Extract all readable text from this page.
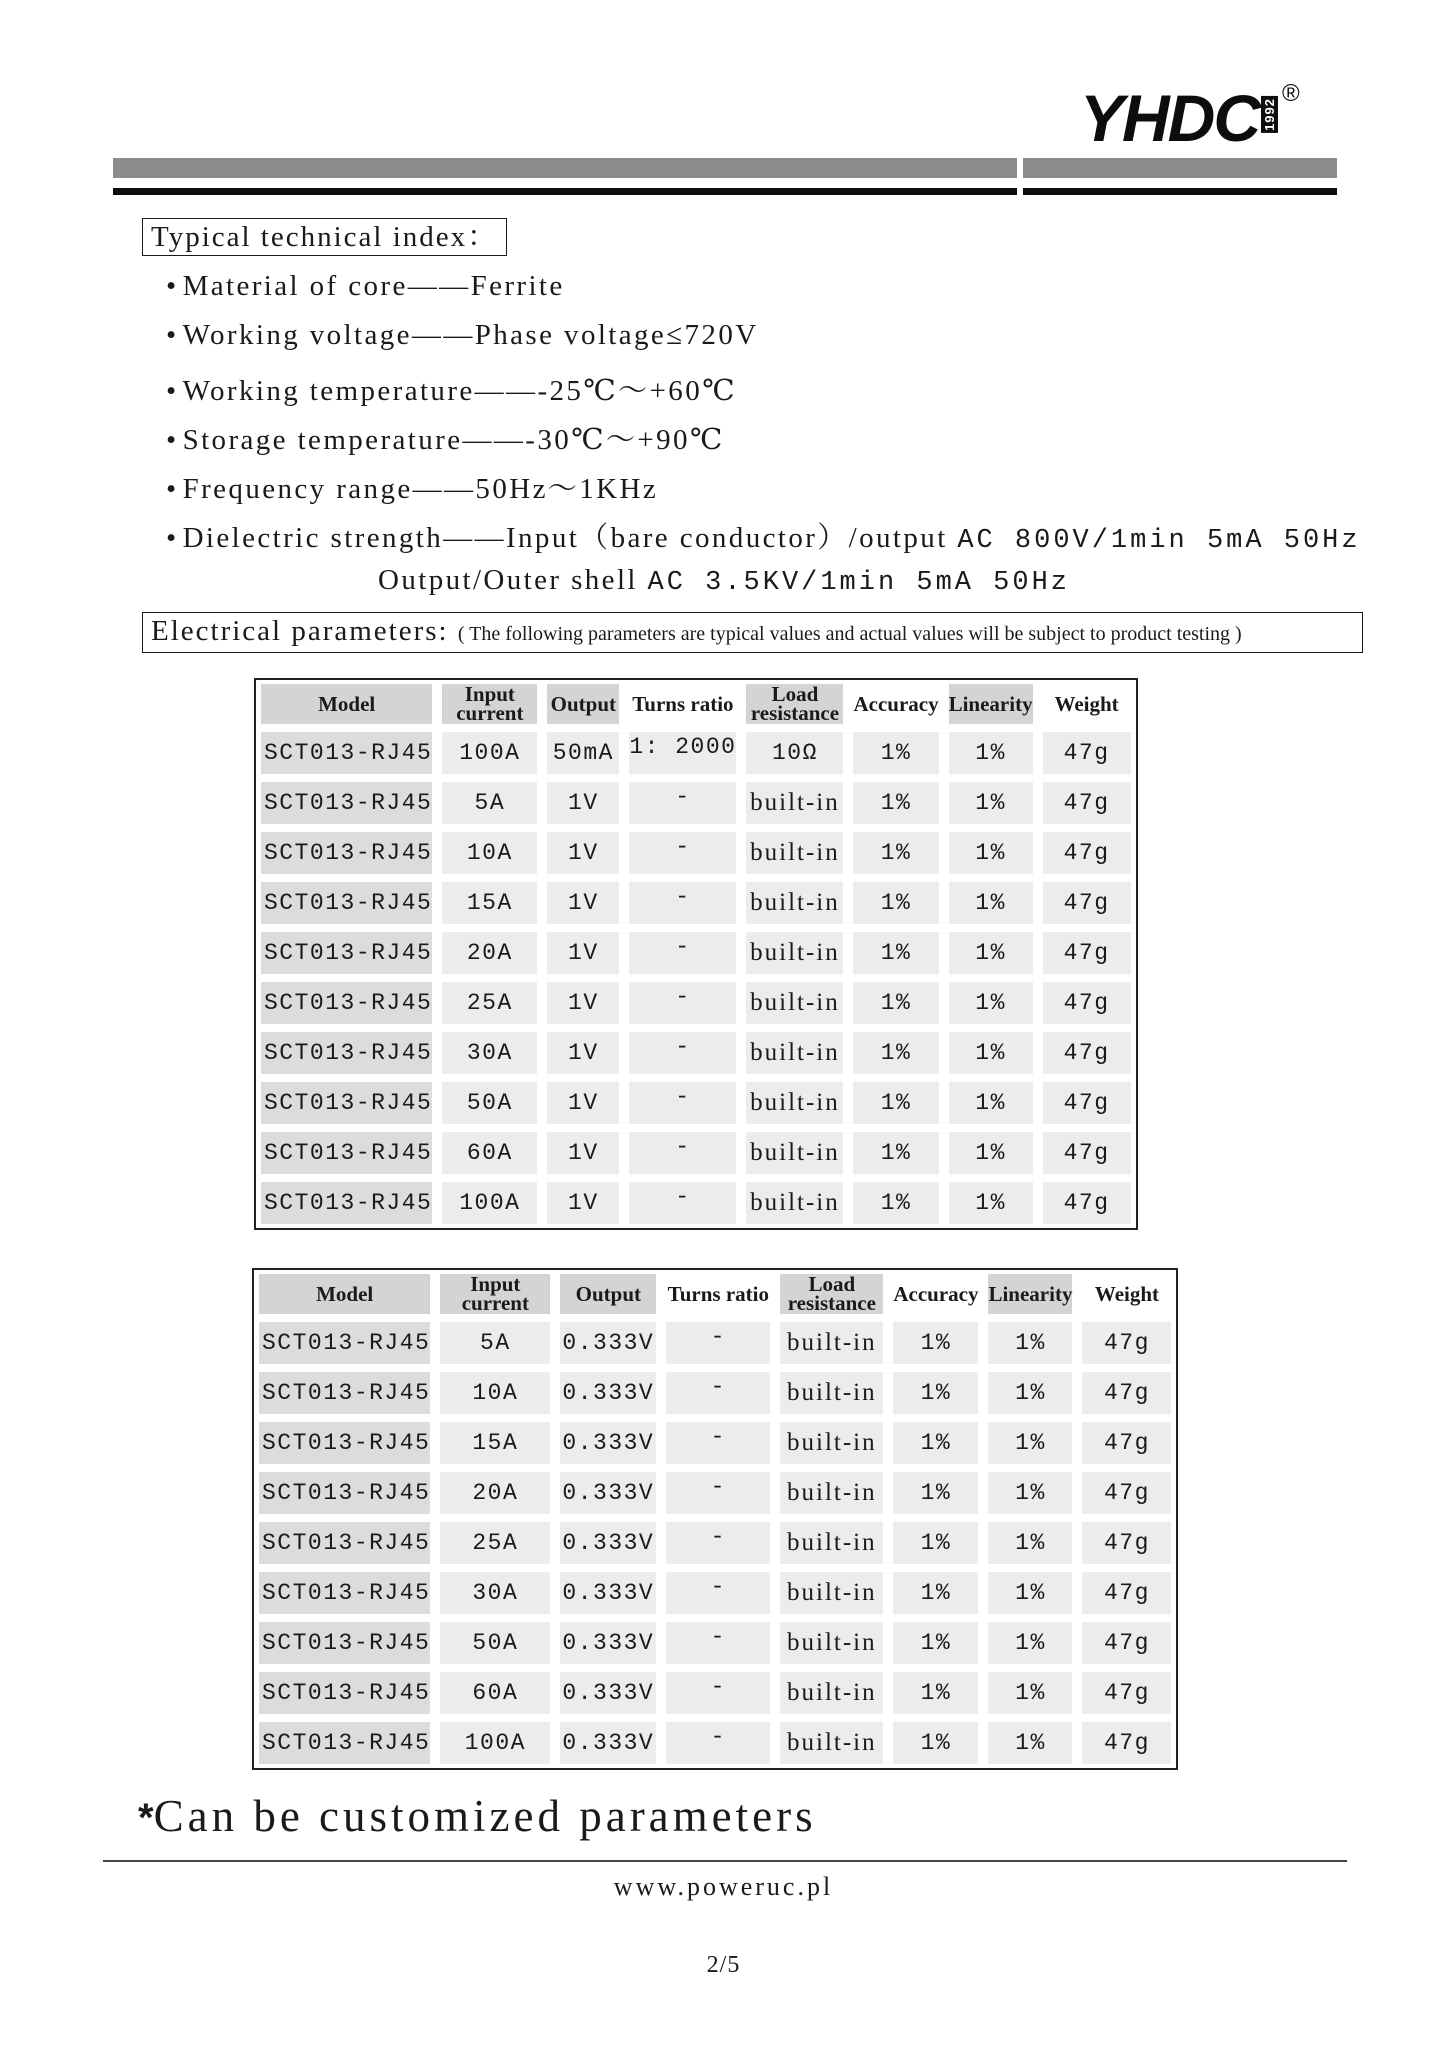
YHDC 1992
®
Typical technical index：
• Material of core——Ferrite
• Working voltage——Phase voltage≤720V
• Working temperature——-25℃～+60℃
• Storage temperature——-30℃～+90℃
• Frequency range——50Hz～1KHz
• Dielectric strength——Input（bare conductor）/output AC 800V/1min 5mA 50Hz
Output/Outer shell AC 3.5KV/1min 5mA 50Hz
Electrical parameters: ( The following parameters are typical values and actual values will be subject to product testing )
Model	Input current	Output	Turns ratio	Load resistance	Accuracy	Linearity	Weight

SCT013-RJ45	100A	50mA	1: 2000	10Ω	1%	1%	47g

SCT013-RJ45	5A	1V	-	built-in	1%	1%	47g

SCT013-RJ45	10A	1V	-	built-in	1%	1%	47g

SCT013-RJ45	15A	1V	-	built-in	1%	1%	47g

SCT013-RJ45	20A	1V	-	built-in	1%	1%	47g

SCT013-RJ45	25A	1V	-	built-in	1%	1%	47g

SCT013-RJ45	30A	1V	-	built-in	1%	1%	47g

SCT013-RJ45	50A	1V	-	built-in	1%	1%	47g

SCT013-RJ45	60A	1V	-	built-in	1%	1%	47g

SCT013-RJ45	100A	1V	-	built-in	1%	1%	47g
Model	Input current	Output	Turns ratio	Load resistance	Accuracy	Linearity	Weight

SCT013-RJ45	5A	0.333V	-	built-in	1%	1%	47g

SCT013-RJ45	10A	0.333V	-	built-in	1%	1%	47g

SCT013-RJ45	15A	0.333V	-	built-in	1%	1%	47g

SCT013-RJ45	20A	0.333V	-	built-in	1%	1%	47g

SCT013-RJ45	25A	0.333V	-	built-in	1%	1%	47g

SCT013-RJ45	30A	0.333V	-	built-in	1%	1%	47g

SCT013-RJ45	50A	0.333V	-	built-in	1%	1%	47g

SCT013-RJ45	60A	0.333V	-	built-in	1%	1%	47g

SCT013-RJ45	100A	0.333V	-	built-in	1%	1%	47g
*Can be customized parameters
www.poweruc.pl
2/5
